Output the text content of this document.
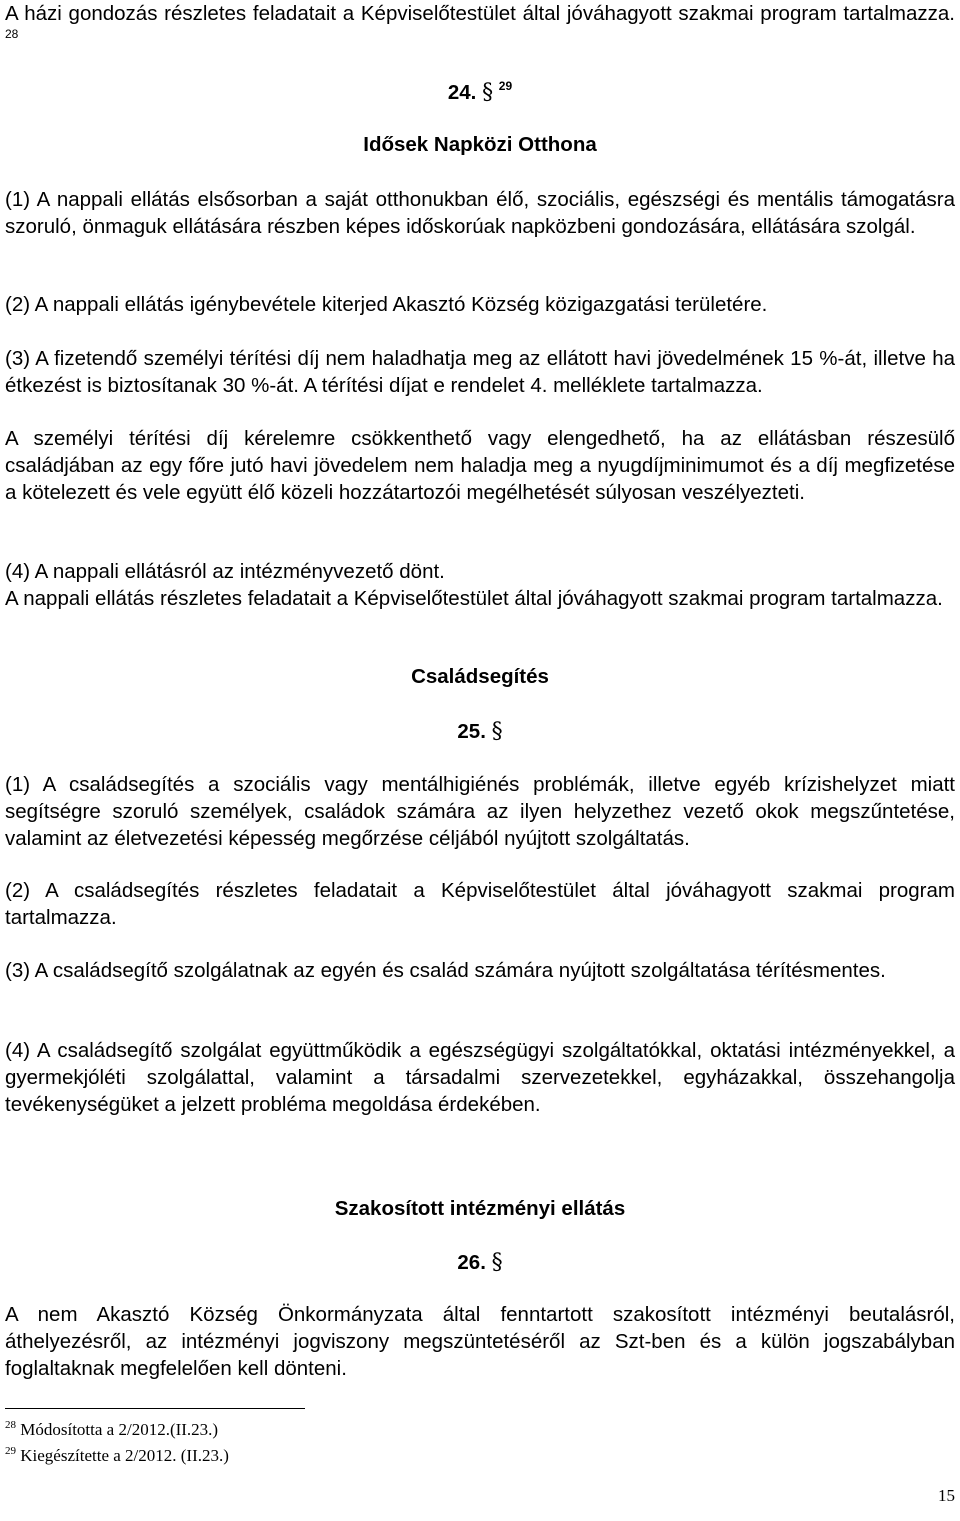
A házi gondozás részletes feladatait a Képviselőtestület által jóváhagyott szakmai program tartalmazza. $^{28}$

24. § $^{29}$

Idősek Napközi Otthona

(1) A nappali ellátás elsősorban a saját otthonukban élő, szociális, egészségi és mentális támogatásra szoruló, önmaguk ellátására részben képes időskorúak napközbeni gondozására, ellátására szolgál.

(2) A nappali ellátás igénybevétele kiterjed Akasztó Község közigazgatási területére.

(3) A fizetendő személyi térítési díj nem haladhatja meg az ellátott havi jövedelmének 15 %-át, illetve ha étkezést is biztosítanak 30 %-át. A térítési díjat e rendelet 4. melléklete tartalmazza.

A személyi térítési díj kérelemre csökkenthető vagy elengedhető, ha az ellátásban részesülő családjában az egy főre jutó havi jövedelem nem haladja meg a nyugdíjminimumot és a díj megfizetése a kötelezett és vele együtt élő közeli hozzátartozói megélhetését súlyosan veszélyezteti.

(4) A nappali ellátásról az intézményvezető dönt.

A nappali ellátás részletes feladatait a Képviselőtestület által jóváhagyott szakmai program tartalmazza.

Családsegítés

25. §

(1) A családsegítés a szociális vagy mentálhigiénés problémák, illetve egyéb krízishelyzet miatt segítségre szoruló személyek, családok számára az ilyen helyzethez vezető okok megszűntetése, valamint az életvezetési képesség megőrzése céljából nyújtott szolgáltatás.

(2) A családsegítés részletes feladatait a Képviselőtestület által jóváhagyott szakmai program tartalmazza.

(3) A családsegítő szolgálatnak az egyén és család számára nyújtott szolgáltatása térítésmentes.

(4) A családsegítő szolgálat együttműködik a egészségügyi szolgáltatókkal, oktatási intézményekkel, a gyermekjóléti szolgálattal, valamint a társadalmi szervezetekkel, egyházakkal, összehangolja tevékenységüket a jelzett probléma megoldása érdekében.

Szakosított intézményi ellátás

26. §

A nem Akasztó Község Önkormányzata által fenntartott szakosított intézményi beutalásról, áthelyezésről, az intézményi jogviszony megszüntetéséről az Szt-ben és a külön jogszabályban foglaltaknak megfelelően kell dönteni.

$^{28}$ Módosította a 2/2012.(II.23.)

$^{29}$ Kiegészítette a 2/2012. (II.23.)

15
